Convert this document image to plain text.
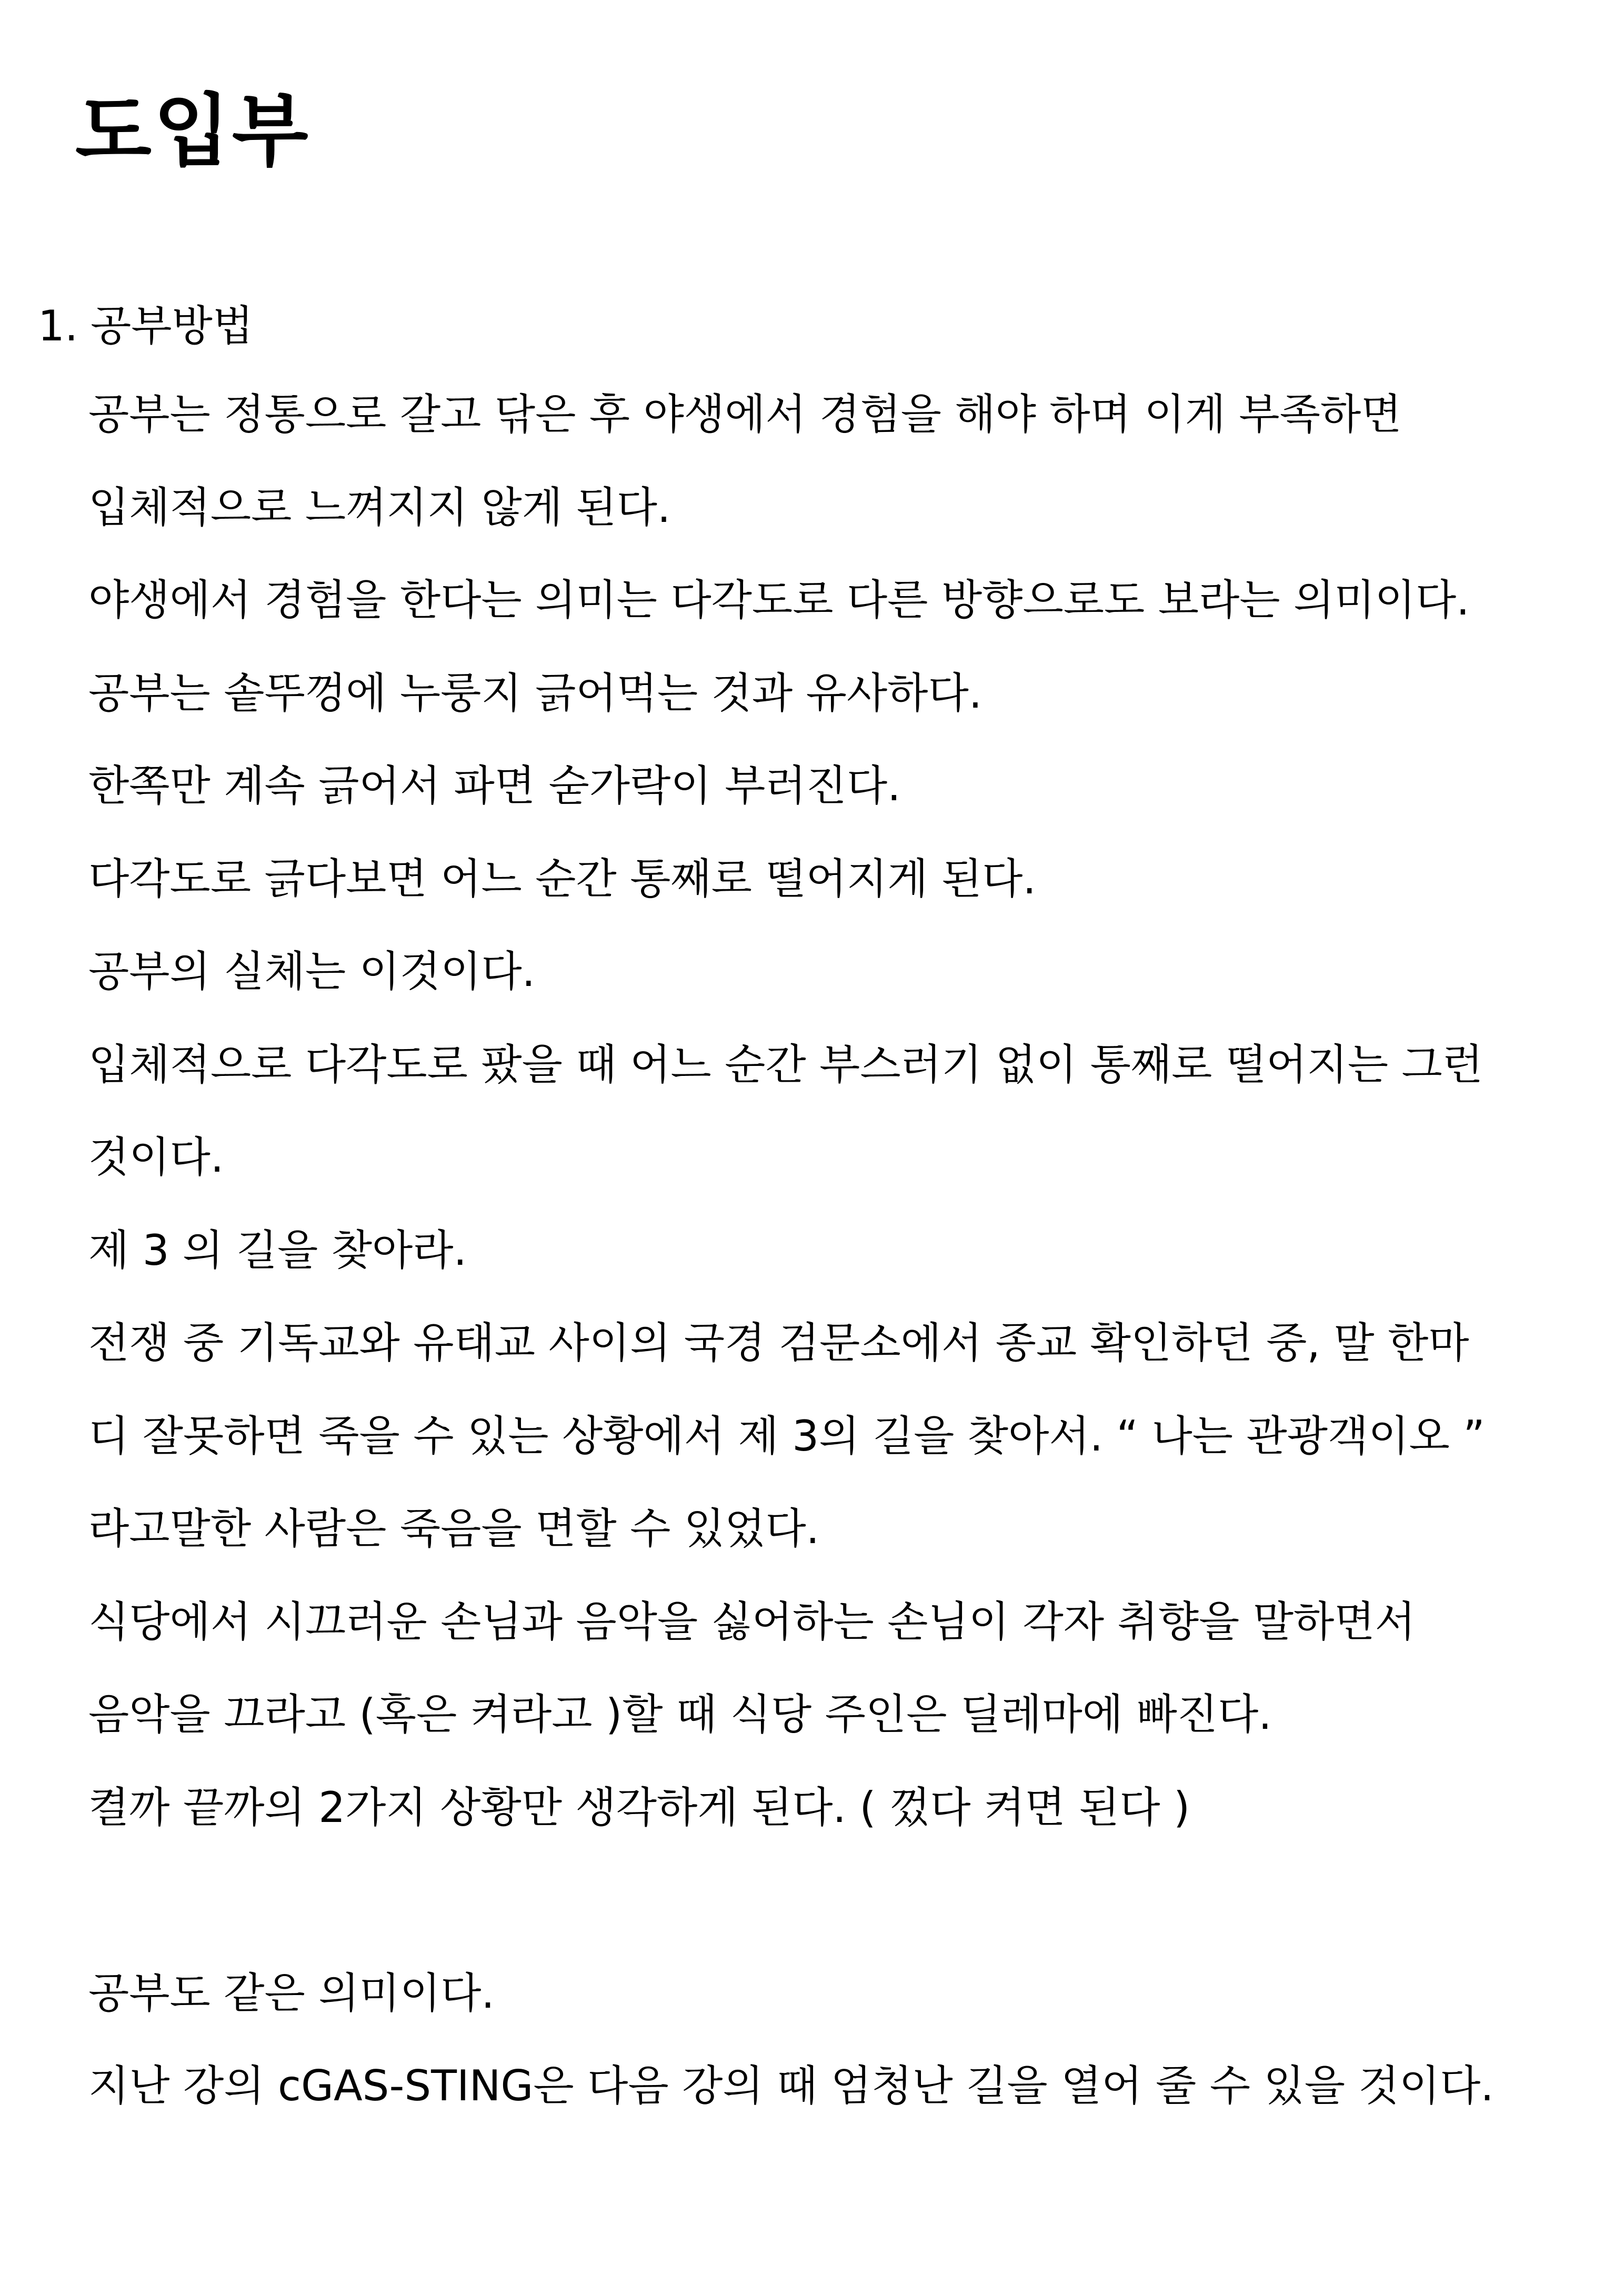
도입부
1. 공부방법
공부는 정통으로 갈고 닦은 후 야생에서 경험을 해야 하며 이게 부족하면
입체적으로 느껴지지 않게 된다.
야생에서 경험을 한다는 의미는 다각도로 다른 방향으로도 보라는 의미이다.
공부는 솥뚜껑에 누룽지 긁어먹는 것과 유사하다.
한쪽만 계속 긁어서 파면 숟가락이 부러진다.
다각도로 긁다보면 어느 순간 통째로 떨어지게 된다.
공부의 실체는 이것이다.
입체적으로 다각도로 팠을 때 어느 순간 부스러기 없이 통째로 떨어지는 그런
것이다.
제 3 의 길을 찾아라.
전쟁 중 기독교와 유태교 사이의 국경 검문소에서 종교 확인하던 중, 말 한마
디 잘못하면 죽을 수 있는 상황에서 제 3의 길을 찾아서. “ 나는 관광객이오 ”
라고말한 사람은 죽음을 면할 수 있었다.
식당에서 시끄러운 손님과 음악을 싫어하는 손님이 각자 취향을 말하면서
음악을 끄라고 (혹은 켜라고 )할 때 식당 주인은 딜레마에 빠진다.
켤까 끝까의 2가지 상황만 생각하게 된다. ( 껐다 켜면 된다 )
공부도 같은 의미이다.
지난 강의 cGAS-STING은 다음 강의 때 엄청난 길을 열어 줄 수 있을 것이다.
